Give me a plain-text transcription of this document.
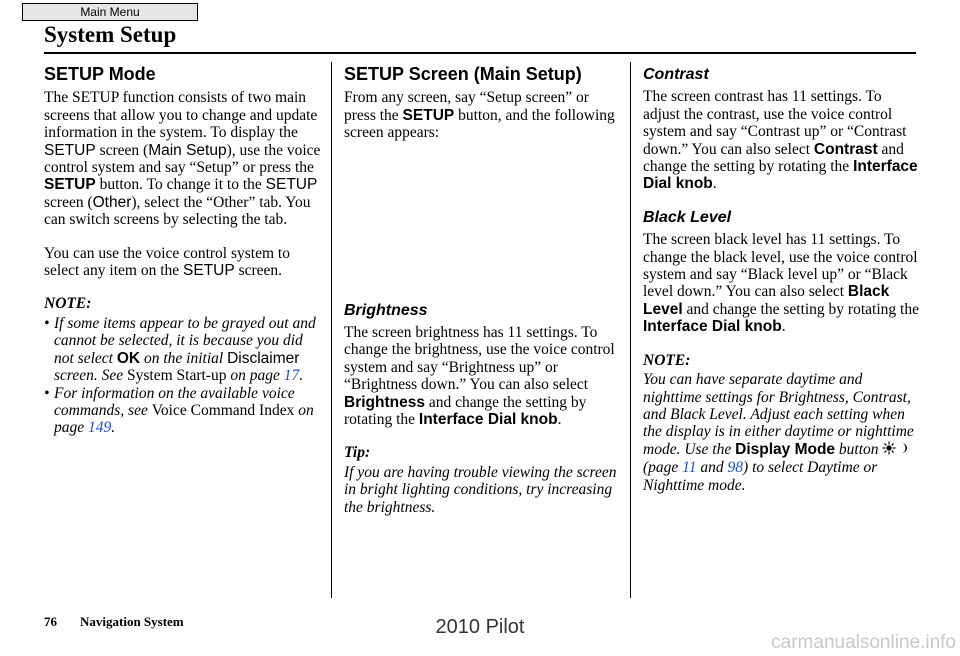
Main Menu
System Setup
SETUP Mode

The SETUP function consists of two main screens that allow you to change and update information in the system. To display the SETUP screen (Main Setup), use the voice control system and say “Setup” or press the SETUP button. To change it to the SETUP screen (Other), select the “Other” tab. You can switch screens by selecting the tab.

You can use the voice control system to select any item on the SETUP screen.

NOTE:
• If some items appear to be grayed out and cannot be selected, it is because you did not select OK on the initial Disclaimer screen. See System Start-up on page 17.
• For information on the available voice commands, see Voice Command Index on page 149.
SETUP Screen (Main Setup)

From any screen, say “Setup screen” or press the SETUP button, and the following screen appears:

Brightness

The screen brightness has 11 settings. To change the brightness, use the voice control system and say “Brightness up” or “Brightness down.” You can also select Brightness and change the setting by rotating the Interface Dial knob.

Tip:

If you are having trouble viewing the screen in bright lighting conditions, try increasing the brightness.

Contrast

The screen contrast has 11 settings. To adjust the contrast, use the voice control system and say “Contrast up” or “Contrast down.” You can also select Contrast and change the setting by rotating the Interface Dial knob.

Black Level

The screen black level has 11 settings. To change the black level, use the voice control system and say “Black level up” or “Black level down.” You can also select Black Level and change the setting by rotating the Interface Dial knob.

NOTE:

You can have separate daytime and nighttime settings for Brightness, Contrast, and Black Level. Adjust each setting when the display is in either daytime or nighttime mode. Use the Display Mode button  (page 11 and 98) to select Daytime or Nighttime mode.

76 Navigation System	2010 Pilot
carmanualsonline.info
